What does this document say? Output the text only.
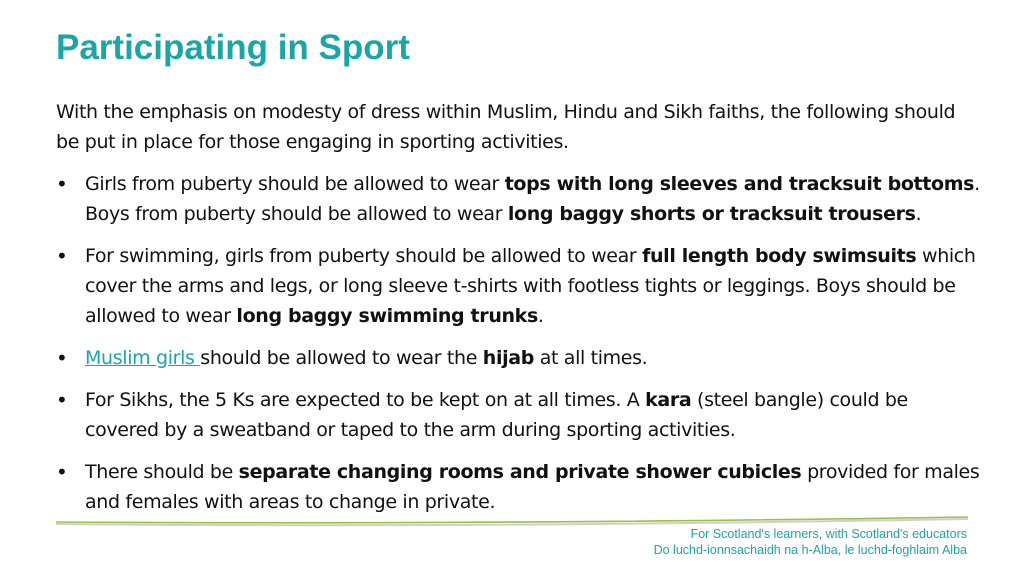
Participating in Sport

With the emphasis on modesty of dress within Muslim, Hindu and Sikh faiths, the following should be put in place for those engaging in sporting activities.

• Girls from puberty should be allowed to wear tops with long sleeves and tracksuit bottoms. Boys from puberty should be allowed to wear long baggy shorts or tracksuit trousers.
• For swimming, girls from puberty should be allowed to wear full length body swimsuits which cover the arms and legs, or long sleeve t-shirts with footless tights or leggings. Boys should be allowed to wear long baggy swimming trunks.
• Muslim girls should be allowed to wear the hijab at all times.
• For Sikhs, the 5 Ks are expected to be kept on at all times. A kara (steel bangle) could be covered by a sweatband or taped to the arm during sporting activities.
• There should be separate changing rooms and private shower cubicles provided for males and females with areas to change in private.
For Scotland's learners, with Scotland's educators
Do luchd-ionnsachaidh na h-Alba, le luchd-foghlaim Alba
